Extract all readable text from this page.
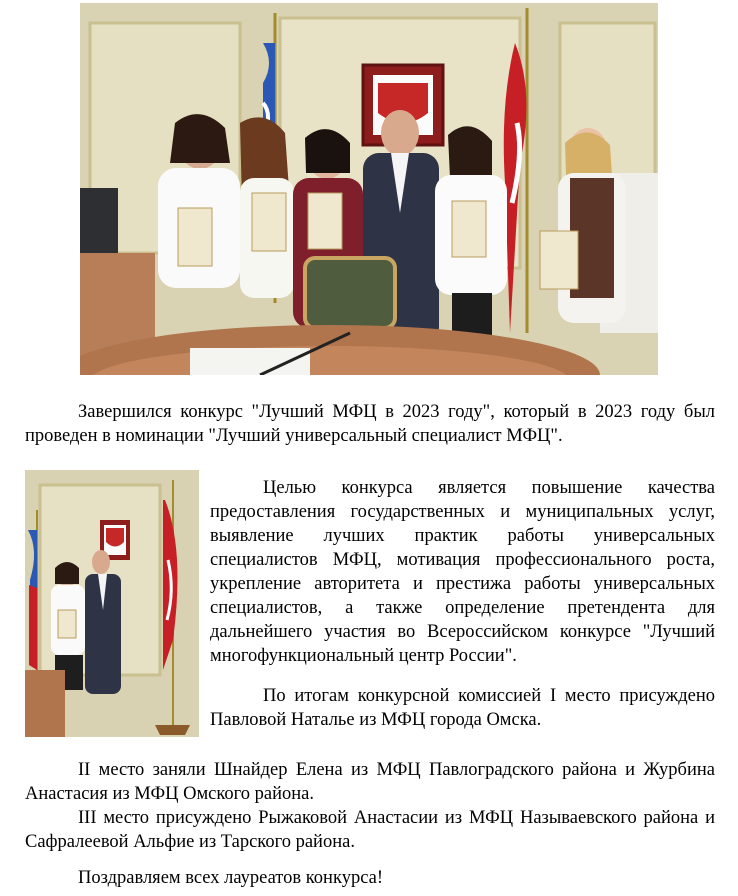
Завершился конкурс "Лучший МФЦ в 2023 году", который в 2023 году был проведен в номинации "Лучший универсальный специалист МФЦ".

Целью конкурса является повышение качества предоставления государственных и муниципальных услуг, выявление лучших практик работы универсальных специалистов МФЦ, мотивация профессионального роста, укрепление авторитета и престижа работы универсальных специалистов, а также определение претендента для дальнейшего участия во Всероссийском конкурсе "Лучший многофункциональный центр России".

По итогам конкурсной комиссией I место присуждено Павловой Наталье из МФЦ города Омска.

II место заняли Шнайдер Елена из МФЦ Павлоградского района и Журбина Анастасия из МФЦ Омского района.

III место присуждено Рыжаковой Анастасии из МФЦ Называевского района и Сафралеевой Альфие из Тарского района.

Поздравляем всех лауреатов конкурса!
